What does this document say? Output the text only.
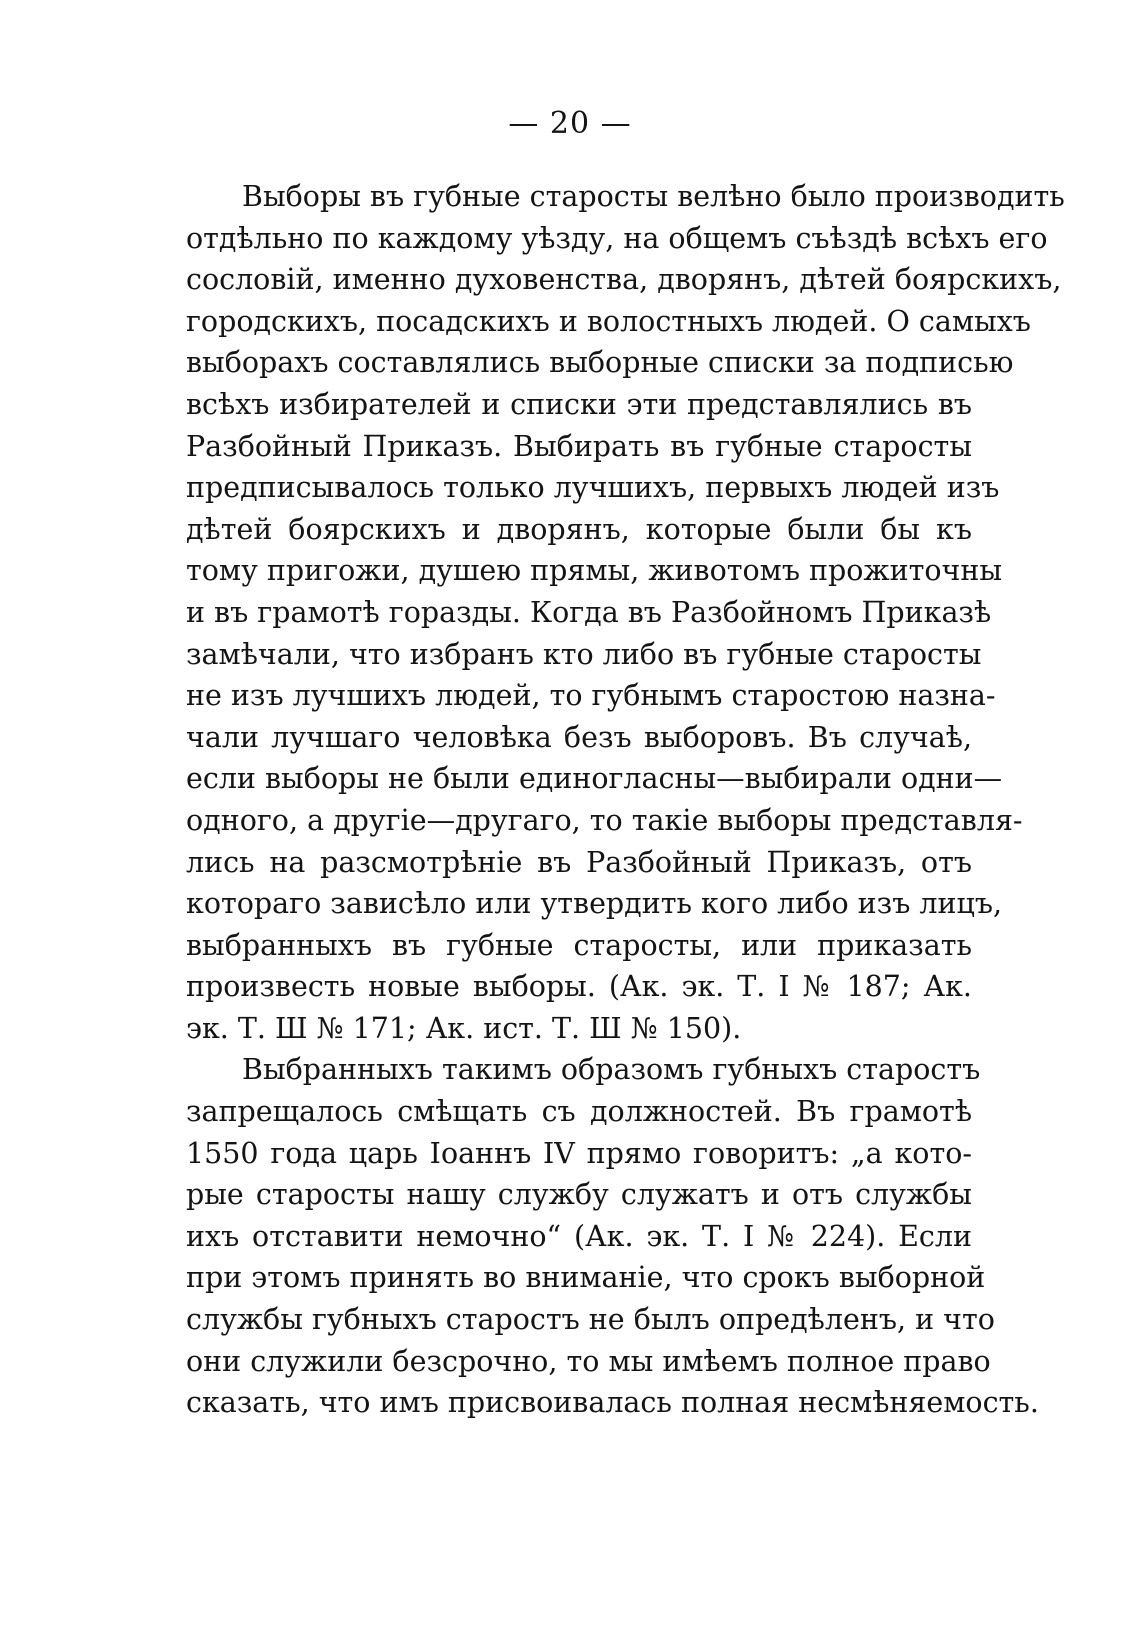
— 20 —

Выборы въ губные старосты велѣно было производить
отдѣльно по каждому уѣзду, на общемъ съѣздѣ всѣхъ его
сословій, именно духовенства, дворянъ, дѣтей боярскихъ,
городскихъ, посадскихъ и волостныхъ людей. О самыхъ
выборахъ составлялись выборные списки за подписью
всѣхъ избирателей и списки эти представлялись въ
Разбойный Приказъ. Выбирать въ губные старосты
предписывалось только лучшихъ, первыхъ людей изъ
дѣтей боярскихъ и дворянъ, которые были бы къ
тому пригожи, душею прямы, животомъ прожиточны
и въ грамотѣ горазды. Когда въ Разбойномъ Приказѣ
замѣчали, что избранъ кто либо въ губные старосты
не изъ лучшихъ людей, то губнымъ старостою назна-
чали лучшаго человѣка безъ выборовъ. Въ случаѣ,
если выборы не были единогласны—выбирали одни—
одного, а другіе—другаго, то такіе выборы представля-
лись на разсмотрѣніе въ Разбойный Приказъ, отъ
котораго зависѣло или утвердить кого либо изъ лицъ,
выбранныхъ въ губные старосты, или приказать
произвесть новые выборы. (Ак. эк. Т. I № 187; Ак.
эк. Т. Ш № 171; Ак. ист. Т. Ш № 150).

Выбранныхъ такимъ образомъ губныхъ старостъ
запрещалось смѣщать съ должностей. Въ грамотѣ
1550 года царь Іоаннъ IV прямо говоритъ: „а кото-
рые старосты нашу службу служатъ и отъ службы
ихъ отставити немочно“ (Ак. эк. Т. I № 224). Если
при этомъ принять во вниманіе, что срокъ выборной
службы губныхъ старостъ не былъ опредѣленъ, и что
они служили безсрочно, то мы имѣемъ полное право
сказать, что имъ присвоивалась полная несмѣняемость.
